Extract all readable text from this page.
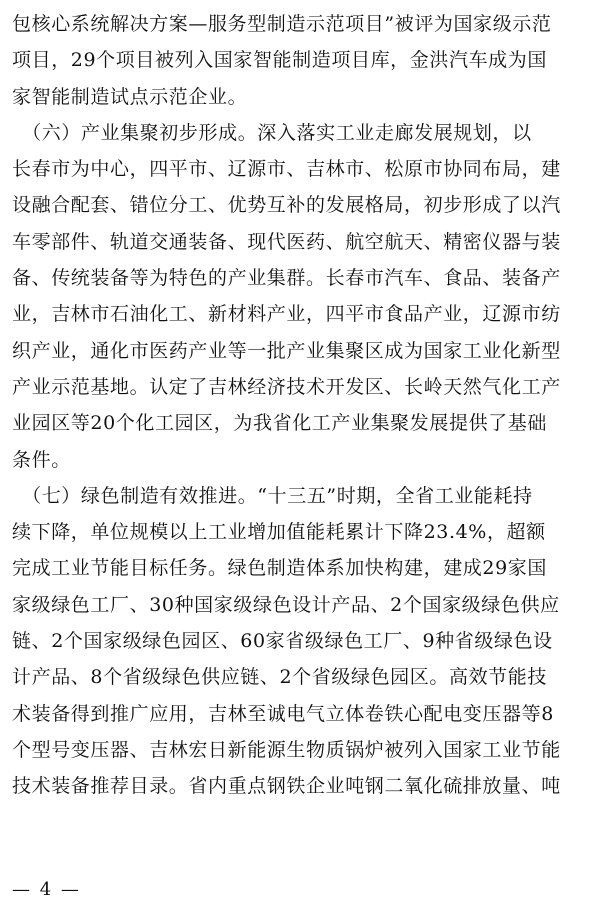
包核心系统解决方案—服务型制造示范项目”被评为国家级示范
项目，29个项目被列入国家智能制造项目库，金洪汽车成为国
家智能制造试点示范企业。
　（六）产业集聚初步形成。深入落实工业走廊发展规划，以
长春市为中心，四平市、辽源市、吉林市、松原市协同布局，建
设融合配套、错位分工、优势互补的发展格局，初步形成了以汽
车零部件、轨道交通装备、现代医药、航空航天、精密仪器与装
备、传统装备等为特色的产业集群。长春市汽车、食品、装备产
业，吉林市石油化工、新材料产业，四平市食品产业，辽源市纺
织产业，通化市医药产业等一批产业集聚区成为国家工业化新型
产业示范基地。认定了吉林经济技术开发区、长岭天然气化工产
业园区等20个化工园区，为我省化工产业集聚发展提供了基础
条件。
　（七）绿色制造有效推进。“十三五”时期，全省工业能耗持
续下降，单位规模以上工业增加值能耗累计下降23.4%，超额
完成工业节能目标任务。绿色制造体系加快构建，建成29家国
家级绿色工厂、30种国家级绿色设计产品、2个国家级绿色供应
链、2个国家级绿色园区、60家省级绿色工厂、9种省级绿色设
计产品、8个省级绿色供应链、2个省级绿色园区。高效节能技
术装备得到推广应用，吉林至诚电气立体卷铁心配电变压器等8
个型号变压器、吉林宏日新能源生物质锅炉被列入国家工业节能
技术装备推荐目录。省内重点钢铁企业吨钢二氧化硫排放量、吨
— 4 —
